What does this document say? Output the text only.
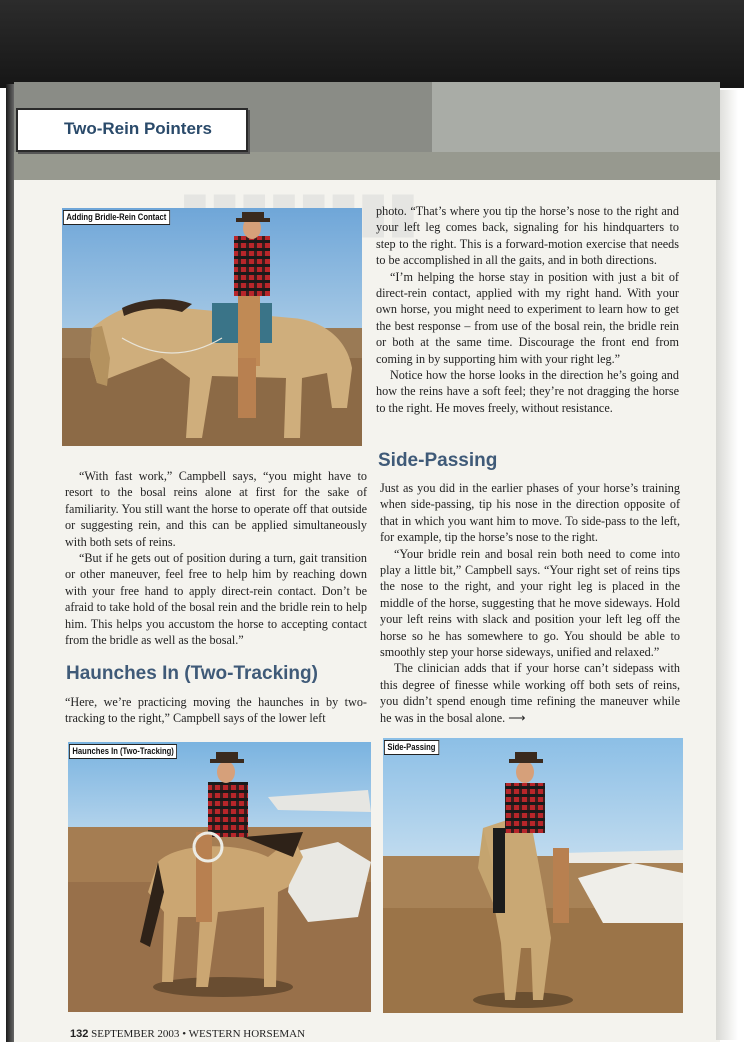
Two-Rein Pointers
Adding Bridle-Rein Contact

“With fast work,” Campbell says, “you might have to resort to the bosal reins alone at first for the sake of familiarity. You still want the horse to operate off that outside or suggesting rein, and this can be applied simultaneously with both sets of reins.

“But if he gets out of position during a turn, gait transition or other maneuver, feel free to help him by reaching down with your free hand to apply direct-rein contact. Don’t be afraid to take hold of the bosal rein and the bridle rein to help him. This helps you accustom the horse to accepting contact from the bridle as well as the bosal.”

Haunches In (Two-Tracking)

“Here, we’re practicing moving the haunches in by two-tracking to the right,” Campbell says of the lower left

photo. “That’s where you tip the horse’s nose to the right and your left leg comes back, signaling for his hindquarters to step to the right. This is a forward-motion exercise that needs to be accomplished in all the gaits, and in both directions.

“I’m helping the horse stay in position with just a bit of direct-rein contact, applied with my right hand. With your own horse, you might need to experiment to learn how to get the best response – from use of the bosal rein, the bridle rein or both at the same time. Discourage the front end from coming in by supporting him with your right leg.”

Notice how the horse looks in the direction he’s going and how the reins have a soft feel; they’re not dragging the horse to the right. He moves freely, without resistance.

Side-Passing

Just as you did in the earlier phases of your horse’s training when side-passing, tip his nose in the direction opposite of that in which you want him to move. To side-pass to the left, for example, tip the horse’s nose to the right.

“Your bridle rein and bosal rein both need to come into play a little bit,” Campbell says. “Your right set of reins tips the nose to the right, and your right leg is placed in the middle of the horse, suggesting that he move sideways. Hold your left reins with slack and position your left leg off the horse so he has somewhere to go. You should be able to smoothly step your horse sideways, unified and relaxed.”

The clinician adds that if your horse can’t sidepass with this degree of finesse while working off both sets of reins, you didn’t spend enough time refining the maneuver while he was in the bosal alone. ⟶

Haunches In (Two-Tracking)	Side-Passing
132 SEPTEMBER 2003 • WESTERN HORSEMAN
